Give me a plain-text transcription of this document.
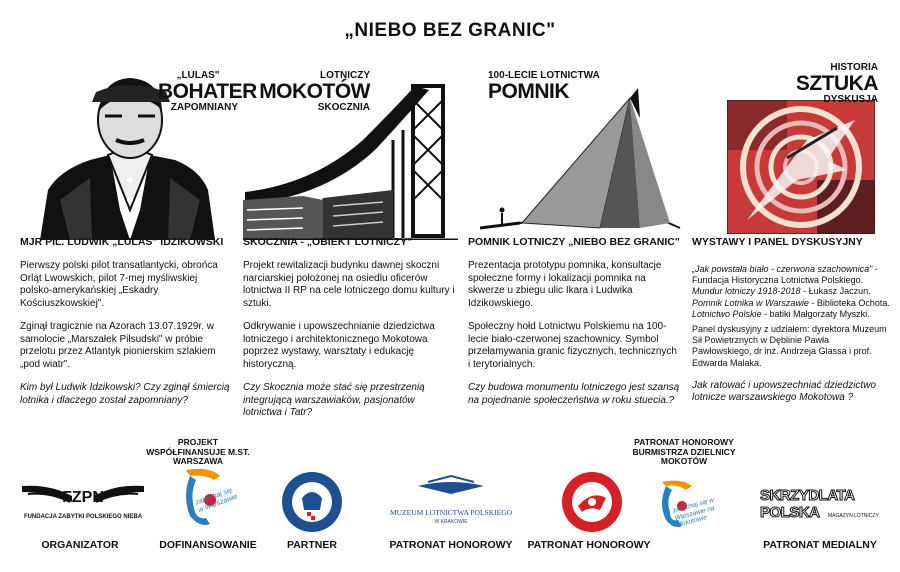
„NIEBO BEZ GRANIC"
„LULAS"
BOHATER
ZAPOMNIANY
LOTNICZY
MOKOTÓW
SKOCZNIA
100-LECIE LOTNICTWA
POMNIK
HISTORIA
SZTUKA
DYSKUSJA
MJR PIL. LUDWIK „LULAS" IDZIKOWSKI

Pierwszy polski pilot transatlantycki, obrońca Orląt Lwowskich, pilot 7-mej myśliwskiej polsko-amerykańskiej „Eskadry Kościuszkowskiej".

Zginął tragicznie na Azorach 13.07.1929r. w samolocie „Marszałek Piłsudski" w próbie przelotu przez Atlantyk pionierskim szlakiem „pod wiatr".

Kim był Ludwik Idzikowski? Czy zginął śmiercią lotnika i dlaczego został zapomniany?

SKOCZNIA - „OBIEKT LOTNICZY"

Projekt rewitalizacji budynku dawnej skoczni narciarskiej położonej na osiedlu oficerów lotnictwa II RP na cele lotniczego domu kultury i sztuki.

Odkrywanie i upowszechnianie dziedzictwa lotniczego i architektonicznego Mokotowa poprzez wystawy, warsztaty i edukację historyczną.

Czy Skocznia może stać się przestrzenią integrującą warszawiaków, pasjonatów lotnictwa i Tatr?

POMNIK LOTNICZY „NIEBO BEZ GRANIC"

Prezentacja prototypu pomnika, konsultacje społeczne formy i lokalizacji pomnika na skwerze u zbiegu ulic Ikara i Ludwika Idzikowskiego.

Społeczny hołd Lotnictwu Polskiemu na 100-lecie biało-czerwonej szachownicy. Symbol przełamywania granic fizycznych, technicznych i terytorialnych.

Czy budowa monumentu lotniczego jest szansą na pojednanie społeczeństwa w roku stuecia.?

WYSTAWY I PANEL DYSKUSYJNY
„Jak powstała biało - czerwona szachownica" - Fundacja Historyczna Lotnictwa Polskiego. Mundur lotniczy 1918-2018 - Łukasz Jaczun. Pomnik Lotnika w Warszawie - Biblioteka Ochota. Lotnictwo Polskie - batiki Małgorzaty Myszki.

Panel dyskusyjny z udziałem: dyrektora Muzeum Sił Powietrznych w Dęblinie Pawła Pawłowskiego, dr inż. Andrzeja Glassa i prof. Edwarda Malaka.

Jak ratować i upowszechniać dziedzictwo lotnicze warszawskiego Mokotowa ?

FZPN
FUNDACJA ZABYTKI POLSKIEGO NIEBA
PROJEKT WSPÓŁFINANSUJE M.ST. WARSZAWA
zakochaj się w Warszawie	MUZEUM LOTNICTWA POLSKIEGO
W KRAKOWIE
PATRONAT HONOROWY BURMISTRZA DZIELNICY MOKOTÓW
zakochaj się w Warszawie na Mokotowie
SKRZYDLATA
POLSKA MAGAZYN LOTNICZY
ORGANIZATOR	DOFINANSOWANIE	PARTNER	PATRONAT HONOROWY	PATRONAT HONOROWY	PATRONAT MEDIALNY
